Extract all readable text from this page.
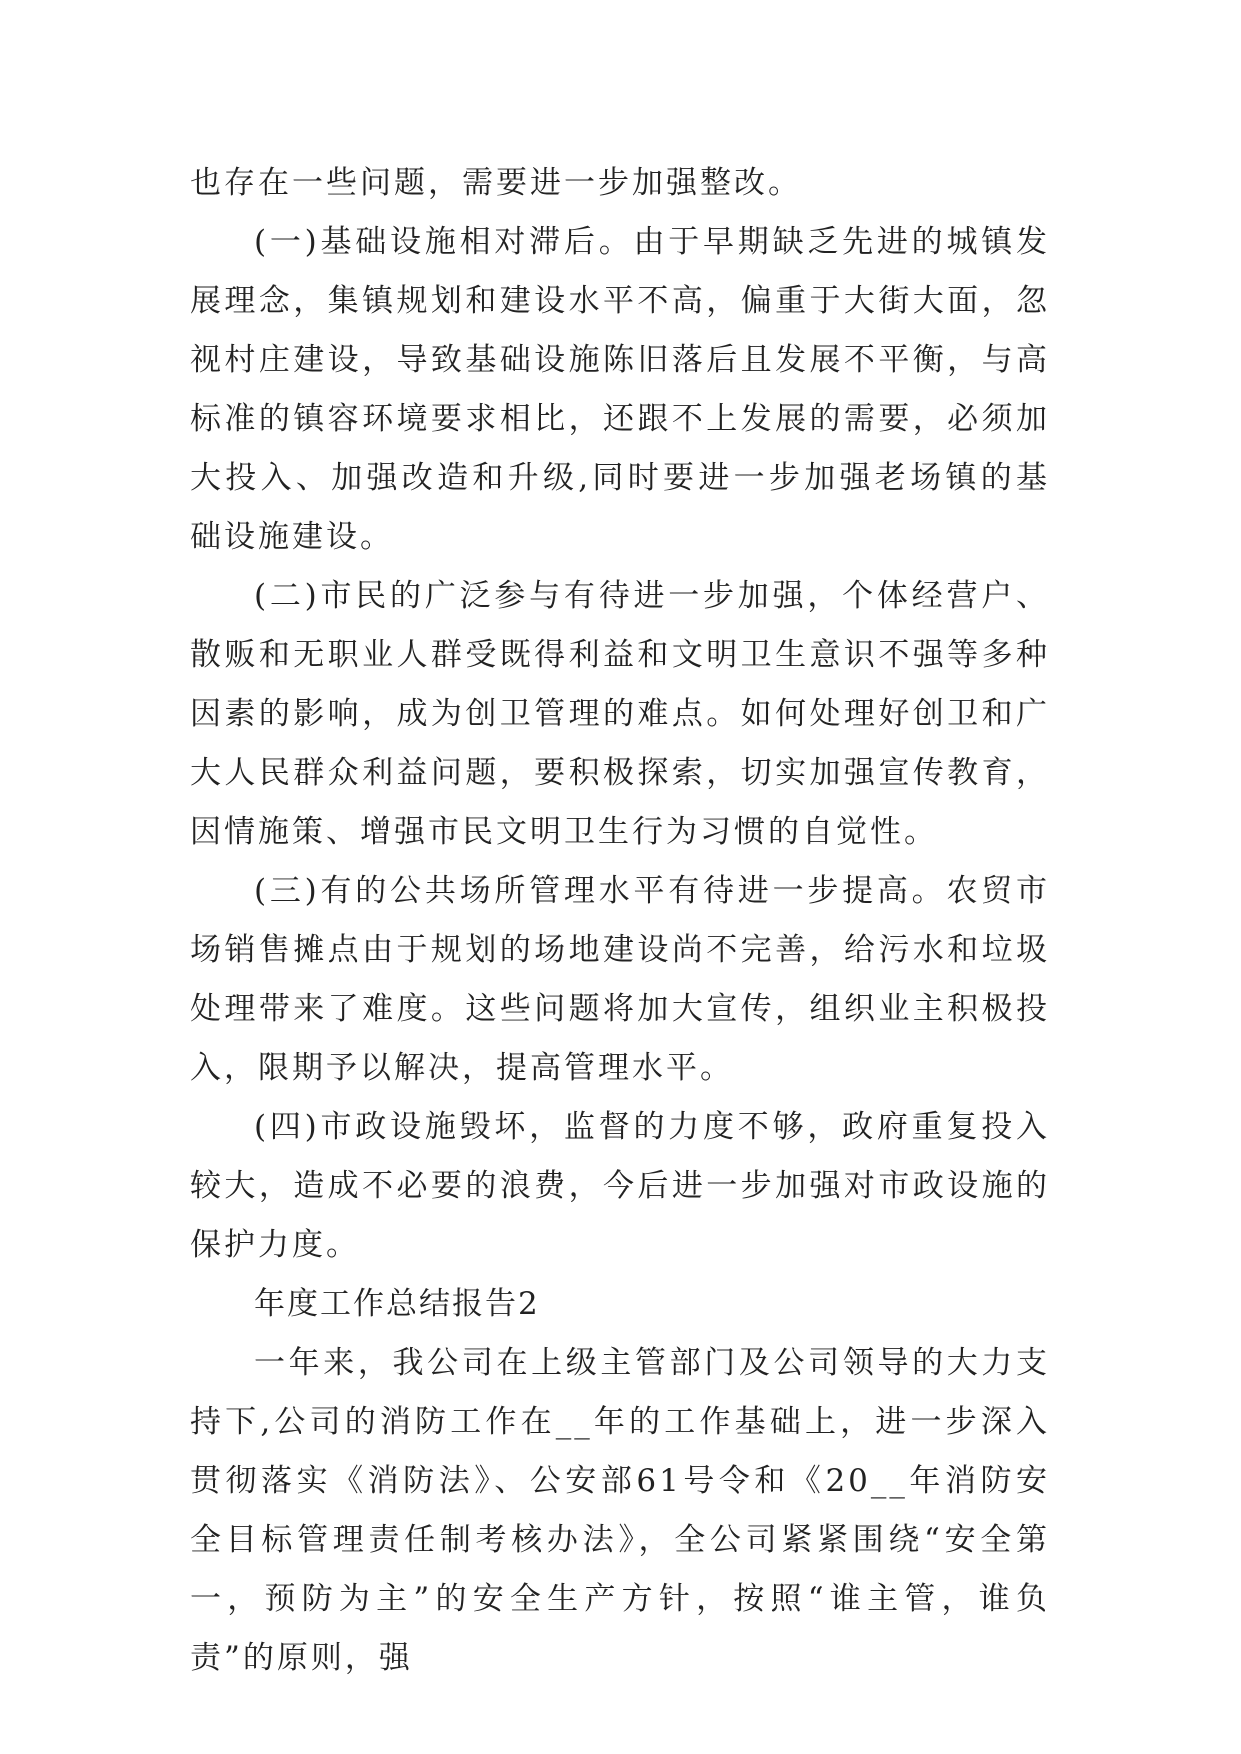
也存在一些问题，需要进一步加强整改。

(一)基础设施相对滞后。由于早期缺乏先进的城镇发展理念，集镇规划和建设水平不高，偏重于大街大面，忽视村庄建设，导致基础设施陈旧落后且发展不平衡，与高标准的镇容环境要求相比，还跟不上发展的需要，必须加大投入、加强改造和升级,同时要进一步加强老场镇的基础设施建设。

(二)市民的广泛参与有待进一步加强，个体经营户、散贩和无职业人群受既得利益和文明卫生意识不强等多种因素的影响，成为创卫管理的难点。如何处理好创卫和广大人民群众利益问题，要积极探索，切实加强宣传教育，因情施策、增强市民文明卫生行为习惯的自觉性。

(三)有的公共场所管理水平有待进一步提高。农贸市场销售摊点由于规划的场地建设尚不完善，给污水和垃圾处理带来了难度。这些问题将加大宣传，组织业主积极投入，限期予以解决，提高管理水平。

(四)市政设施毁坏，监督的力度不够，政府重复投入较大，造成不必要的浪费，今后进一步加强对市政设施的保护力度。

年度工作总结报告2

一年来，我公司在上级主管部门及公司领导的大力支持下,公司的消防工作在__年的工作基础上，进一步深入贯彻落实《消防法》、公安部61号令和《20__年消防安全目标管理责任制考核办法》，全公司紧紧围绕“安全第一，预防为主”的安全生产方针，按照“谁主管，谁负责”的原则，强
